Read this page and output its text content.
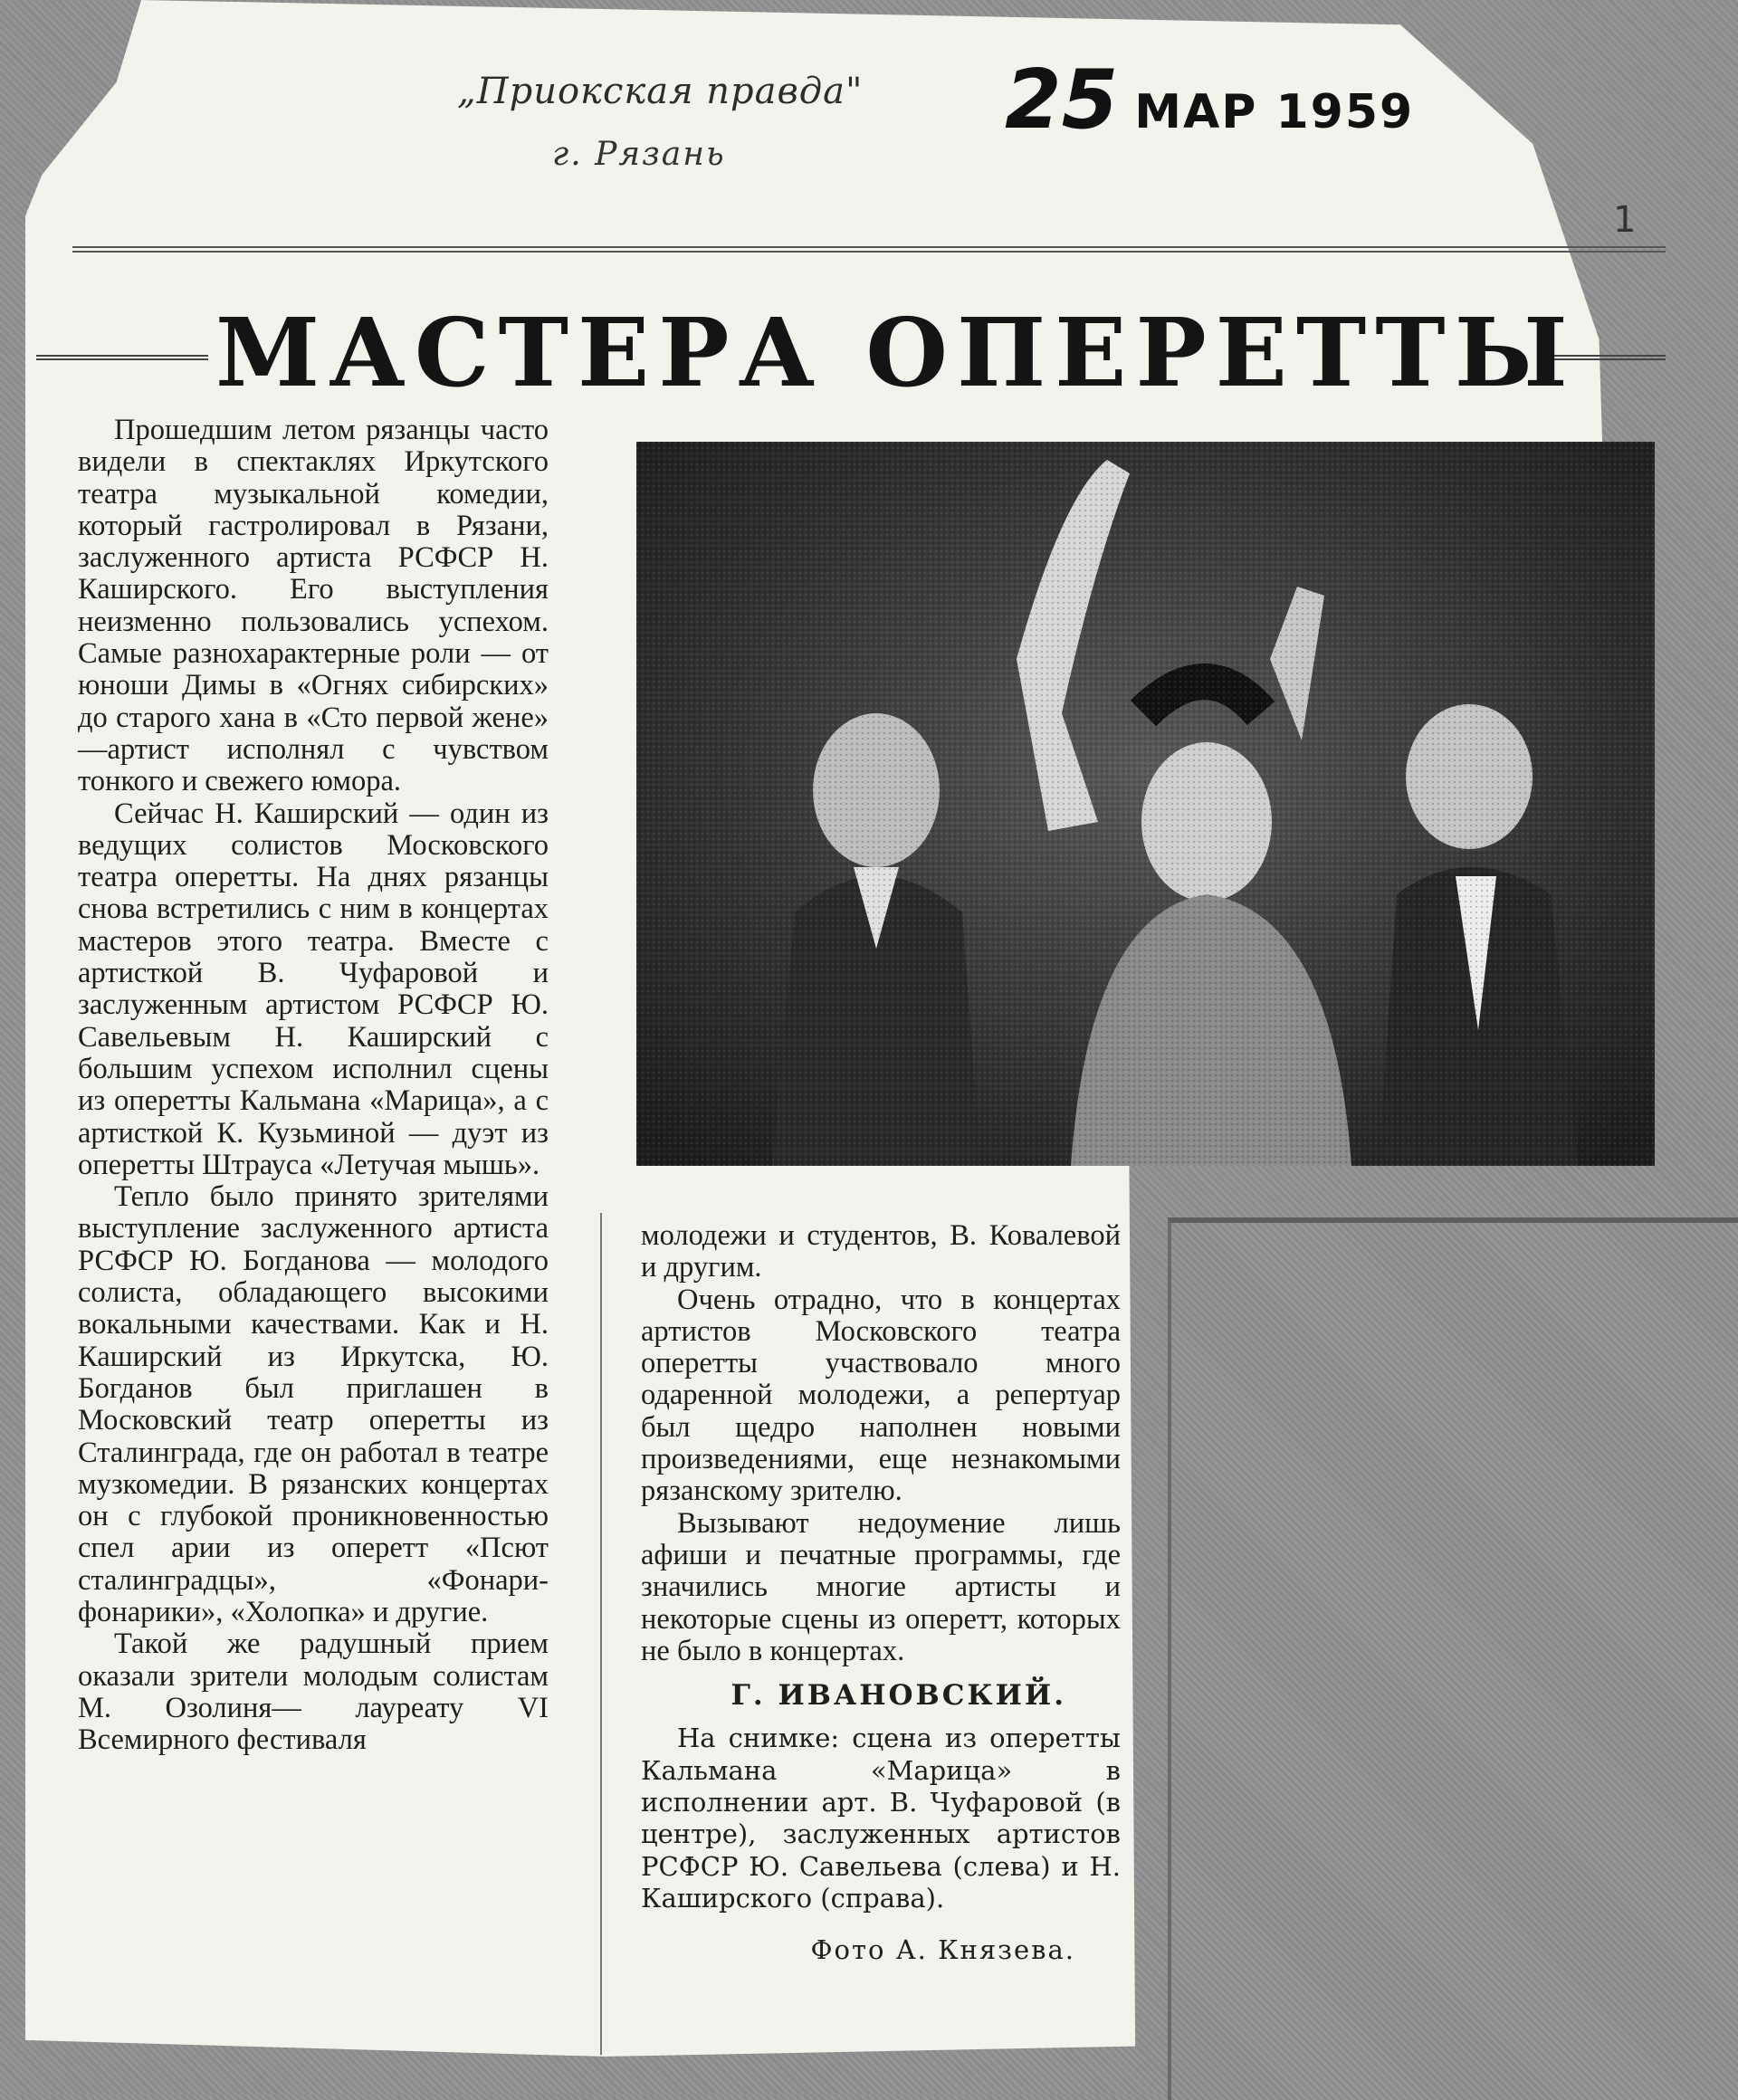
„Приокская правда"
г. Рязань
25 МАР 1959
1
МАСТЕРА ОПЕРЕТТЫ

Прошедшим летом рязанцы часто видели в спектаклях Иркутского театра музыкальной комедии, который гастролировал в Рязани, заслуженного артиста РСФСР Н. Каширского. Его выступления неизменно пользовались успехом. Самые разнохарактерные роли — от юноши Димы в «Огнях сибирских» до старого хана в «Сто первой жене» —артист исполнял с чувством тонкого и свежего юмора.

Сейчас Н. Каширский — один из ведущих солистов Московского театра оперетты. На днях рязанцы снова встретились с ним в концертах мастеров этого театра. Вместе с артисткой В. Чуфаровой и заслуженным артистом РСФСР Ю. Савельевым Н. Каширский с большим успехом исполнил сцены из оперетты Кальмана «Марица», а с артисткой К. Кузьминой — дуэт из оперетты Штрауса «Летучая мышь».

Тепло было принято зрителями выступление заслуженного артиста РСФСР Ю. Богданова — молодого солиста, обладающего высокими вокальными качествами. Как и Н. Каширский из Иркутска, Ю. Богданов был приглашен в Московский театр оперетты из Сталинграда, где он работал в театре музкомедии. В рязанских концертах он с глубокой проникновенностью спел арии из оперетт «Псют сталинградцы», «Фонари- фонарики», «Холопка» и другие.

Такой же радушный прием оказали зрители молодым солистам М. Озолиня— лауреату VI Всемирного фестиваля

молодежи и студентов, В. Ковалевой и другим.

Очень отрадно, что в концертах артистов Московского театра оперетты участвовало много одаренной молодежи, а репертуар был щедро наполнен новыми произведениями, еще незнакомыми рязанскому зрителю.

Вызывают недоумение лишь афиши и печатные программы, где значились многие артисты и некоторые сцены из оперетт, которых не было в концертах.

Г. ИВАНОВСКИЙ.

На снимке: сцена из оперетты Кальмана «Марица» в исполнении арт. В. Чуфаровой (в центре), заслуженных артистов РСФСР Ю. Савельева (слева) и Н. Каширского (справа).

Фото А. Князева.
